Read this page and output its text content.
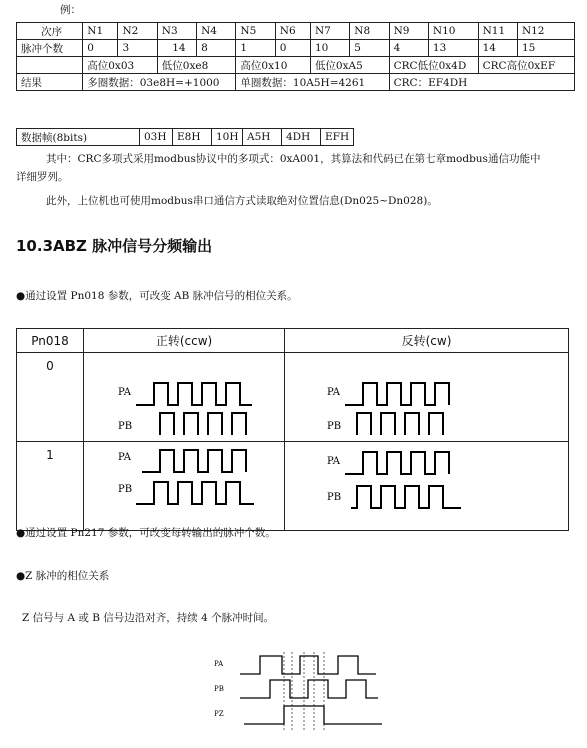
例：
次序	N1	N2	N3	N4	N5	N6	N7	N8	N9	N10	N11	N12
脉冲个数	0	3	14	8	1	0	10	5	4	13	14	15
	高位0x03		低位0xe8		高位0x10		低位0xA5		CRC低位0x4D		CRC高位0xEF	
结果	多圈数据：03e8H=+1000				单圈数据：10A5H=4261				CRC：EF4DH			
数据帧(8bits)	03H	E8H	10H	A5H	4DH	EFH
其中：CRC多项式采用modbus协议中的多项式：0xA001，其算法和代码已在第七章modbus通信功能中
详细罗列。
此外，上位机也可使用modbus串口通信方式读取绝对位置信息(Dn025~Dn028)。
10.3ABZ 脉冲信号分频输出
●通过设置 Pn018 参数，可改变 AB 脉冲信号的相位关系。
Pn018	正转(ccw)	反转(cw)
0	PA
PB	PA
PB

1	PA
PB	PA
PB
●通过设置 Pn217 参数，可改变每转输出的脉冲个数。
●Z 脉冲的相位关系
Z 信号与 A 或 B 信号边沿对齐，持续 4 个脉冲时间。
PA
PB
PZ
